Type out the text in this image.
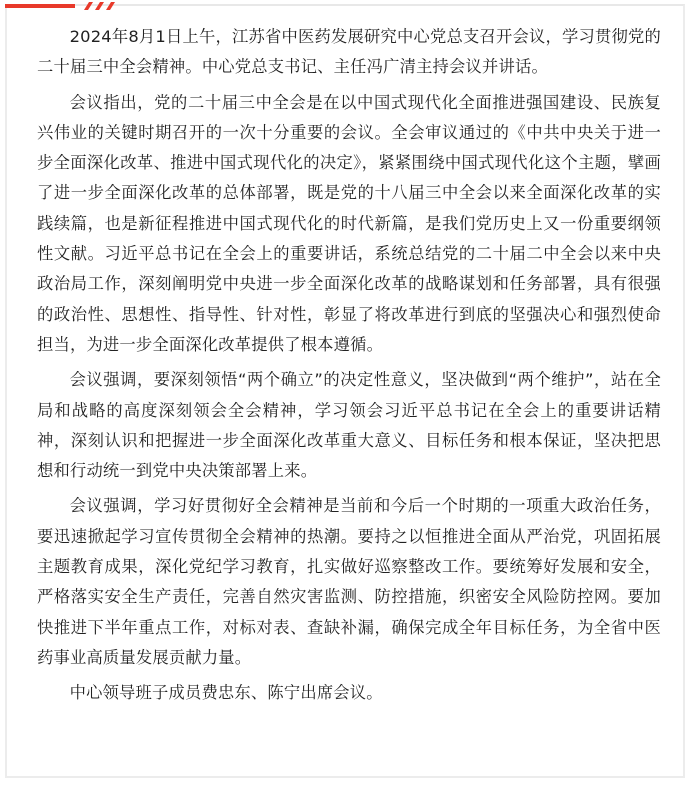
2024年8月1日上午，江苏省中医药发展研究中心党总支召开会议，学习贯彻党的二十届三中全会精神。中心党总支书记、主任冯广清主持会议并讲话。

会议指出，党的二十届三中全会是在以中国式现代化全面推进强国建设、民族复兴伟业的关键时期召开的一次十分重要的会议。全会审议通过的《中共中央关于进一步全面深化改革、推进中国式现代化的决定》，紧紧围绕中国式现代化这个主题，擘画了进一步全面深化改革的总体部署，既是党的十八届三中全会以来全面深化改革的实践续篇，也是新征程推进中国式现代化的时代新篇，是我们党历史上又一份重要纲领性文献。习近平总书记在全会上的重要讲话，系统总结党的二十届二中全会以来中央政治局工作，深刻阐明党中央进一步全面深化改革的战略谋划和任务部署，具有很强的政治性、思想性、指导性、针对性，彰显了将改革进行到底的坚强决心和强烈使命担当，为进一步全面深化改革提供了根本遵循。

会议强调，要深刻领悟“两个确立”的决定性意义，坚决做到“两个维护”，站在全局和战略的高度深刻领会全会精神，学习领会习近平总书记在全会上的重要讲话精神，深刻认识和把握进一步全面深化改革重大意义、目标任务和根本保证，坚决把思想和行动统一到党中央决策部署上来。

会议强调，学习好贯彻好全会精神是当前和今后一个时期的一项重大政治任务，要迅速掀起学习宣传贯彻全会精神的热潮。要持之以恒推进全面从严治党，巩固拓展主题教育成果，深化党纪学习教育，扎实做好巡察整改工作。要统筹好发展和安全，严格落实安全生产责任，完善自然灾害监测、防控措施，织密安全风险防控网。要加快推进下半年重点工作，对标对表、查缺补漏，确保完成全年目标任务，为全省中医药事业高质量发展贡献力量。

中心领导班子成员费忠东、陈宁出席会议。
